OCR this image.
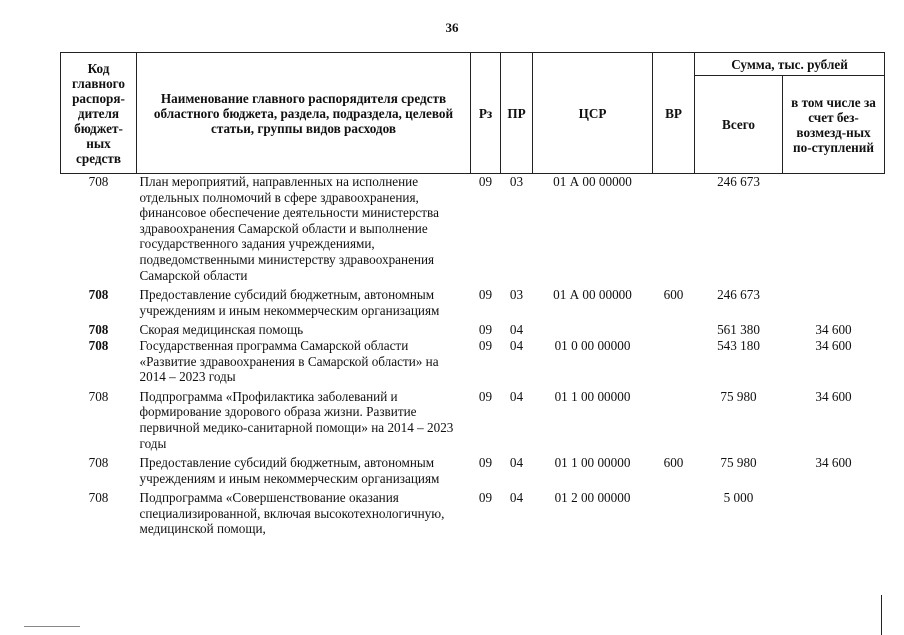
36
Код главного распоря-дителя бюджет-ных средств	Наименование главного распорядителя средств областного бюджета, раздела, подраздела, целевой статьи, группы видов расходов	Рз	ПР	ЦСР	ВР	Сумма, тыс. рублей	
						Всего	в том числе за счет без-возмезд-ных по-ступлений
708	План мероприятий, направленных на исполнение отдельных полномочий в сфере здравоохранения, финансовое обеспечение деятельности министерства здравоохранения Самарской области и выполнение государственного задания учреждениями, подведомственными министерству здравоохранения Самарской области	09	03	01 А 00 00000		246 673	
708	Предоставление субсидий бюджетным, автономным учреждениям и иным некоммерческим организациям	09	03	01 А 00 00000	600	246 673	
708	Скорая медицинская помощь	09	04			561 380	34 600
708	Государственная программа Самарской области «Развитие здравоохранения в Самарской области» на 2014 – 2023 годы	09	04	01 0 00 00000		543 180	34 600
708	Подпрограмма «Профилактика заболеваний и формирование здорового образа жизни. Развитие первичной медико-санитарной помощи» на 2014 – 2023 годы	09	04	01 1 00 00000		75 980	34 600
708	Предоставление субсидий бюджетным, автономным учреждениям и иным некоммерческим организациям	09	04	01 1 00 00000	600	75 980	34 600
708	Подпрограмма «Совершенствование оказания специализированной, включая высокотехнологичную, медицинской помощи,	09	04	01 2 00 00000		5 000	
